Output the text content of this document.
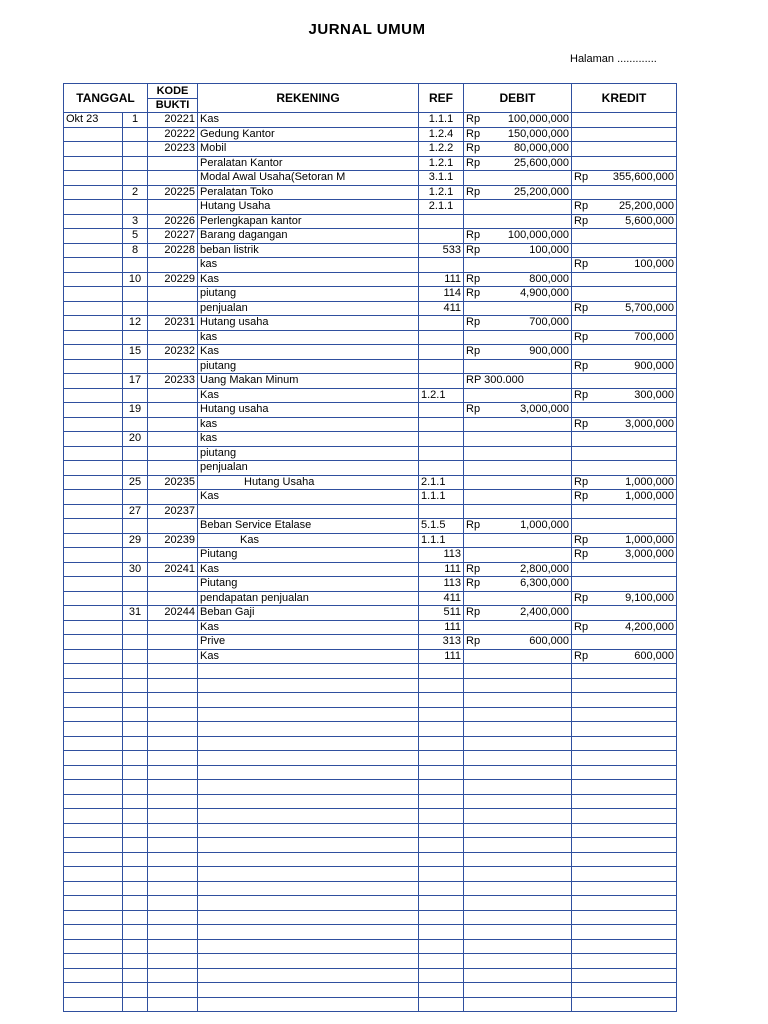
JURNAL UMUM
Halaman .............
TANGGAL		KODE
BUKTI	REKENING	REF	DEBIT	KREDIT
Okt 23	1	20221	Kas	1.1.1	Rp 100,000,000	

		20222	Gedung Kantor	1.2.4	Rp 150,000,000	

		20223	Mobil	1.2.2	Rp 80,000,000	

			Peralatan Kantor	1.2.1	Rp 25,600,000	

			Modal Awal Usaha(Setoran M	3.1.1		Rp 355,600,000

	2	20225	Peralatan Toko	1.2.1	Rp 25,200,000	

			Hutang Usaha	2.1.1		Rp 25,200,000

	3	20226	Perlengkapan kantor			Rp 5,600,000

	5	20227	Barang dagangan		Rp 100,000,000	

	8	20228	beban listrik	533	Rp 100,000	

			kas			Rp 100,000

	10	20229	Kas	111	Rp 800,000	

			piutang	114	Rp 4,900,000	

			penjualan	411		Rp 5,700,000

	12	20231	Hutang usaha		Rp 700,000	

			kas			Rp 700,000

	15	20232	Kas		Rp 900,000	

			piutang			Rp 900,000

	17	20233	Uang Makan Minum		RP 300.000	

			Kas	1.2.1		Rp 300,000

	19		Hutang usaha		Rp 3,000,000	

			kas			Rp 3,000,000

	20		kas		

			piutang		

			penjualan		

	25	20235	Hutang Usaha	2.1.1		Rp 1,000,000

			Kas	1.1.1		Rp 1,000,000

	27	20237			

			Beban Service Etalase	5.1.5	Rp 1,000,000	

	29	20239	Kas	1.1.1		Rp 1,000,000

			Piutang	113		Rp 3,000,000

	30	20241	Kas	111	Rp 2,800,000	

			Piutang	113	Rp 6,300,000	

			pendapatan penjualan	411		Rp 9,100,000

	31	20244	Beban Gaji	511	Rp 2,400,000	

			Kas	111		Rp 4,200,000

			Prive	313	Rp 600,000	

			Kas	111		Rp 600,000
